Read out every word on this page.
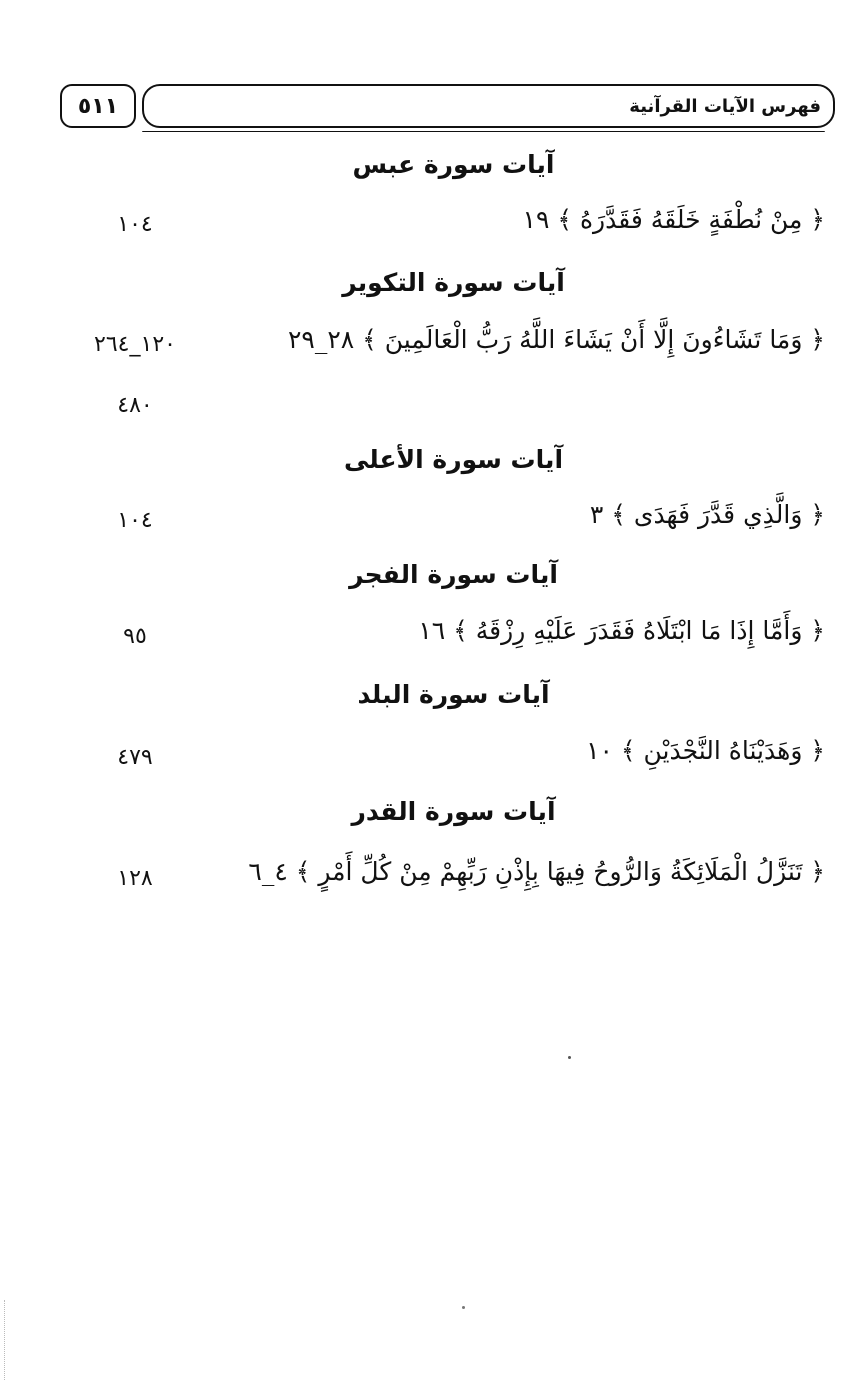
٥١١	فهرس الآيات القرآنية
آيات سورة عبس
﴿ مِنْ نُطْفَةٍ خَلَقَهُ فَقَدَّرَهُ ﴾ ١٩
١٠٤
آيات سورة التكوير
﴿ وَمَا تَشَاءُونَ إِلَّا أَنْ يَشَاءَ اللَّهُ رَبُّ الْعَالَمِينَ ﴾ ٢٨_٢٩
١٢٠_٢٦٤
٤٨٠
آيات سورة الأعلى
﴿ وَالَّذِي قَدَّرَ فَهَدَى ﴾ ٣
١٠٤
آيات سورة الفجر
﴿ وَأَمَّا إِذَا مَا ابْتَلَاهُ فَقَدَرَ عَلَيْهِ رِزْقَهُ ﴾ ١٦
٩٥
آيات سورة البلد
﴿ وَهَدَيْنَاهُ النَّجْدَيْنِ ﴾ ١٠
٤٧٩
آيات سورة القدر
﴿ تَنَزَّلُ الْمَلَائِكَةُ وَالرُّوحُ فِيهَا بِإِذْنِ رَبِّهِمْ مِنْ كُلِّ أَمْرٍ ﴾ ٤_٦
١٢٨
